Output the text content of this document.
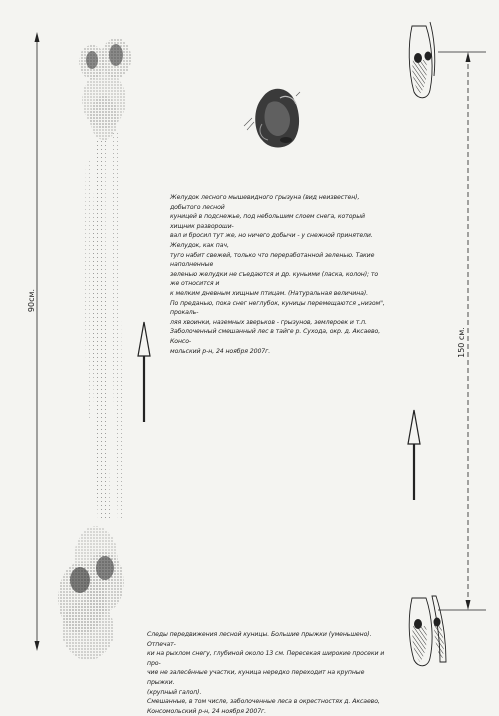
90см.
150 см.

Желудок лесного мышевидного грызуна (вид неизвестен), добытого лесной

куницей в подснежье, под небольшим слоем снега, который хищник развороши-

вал и бросил тут же, но ничего добычи - у снежной принятели. Желудок, как пач,

туго набит свежей, только что переработанной зеленью. Такие наполненные

зеленью желудки не съедаются и др. куньими (ласка, колон); то же относится и

к мелким дневным хищным птицам. (Натуральная величина).

По преданью, пока снег неглубок, куницы перемещаются „низом", прокаль-

ляя хвоинки, наземных зверьков - грызунов, землероек и т.п.

Заболоченный смешанный лес в тайге р. Сухода, окр. д. Аксаево, Консо-

мольский р-н, 24 ноября 2007г.

Следы передвижения лесной куницы. Большие прыжки (уменьшено). Отпечат-

ки на рыхлом снегу, глубиной около 13 см. Пересекая широкие просеки и про-

чие не залесённые участки, куница нередко переходит на крупные прыжки.

(крупный галоп).

Смешанные, в том числе, заболоченные леса в окрестностях д. Аксаево,

Консомольский р-н, 24 ноября 2007г.
